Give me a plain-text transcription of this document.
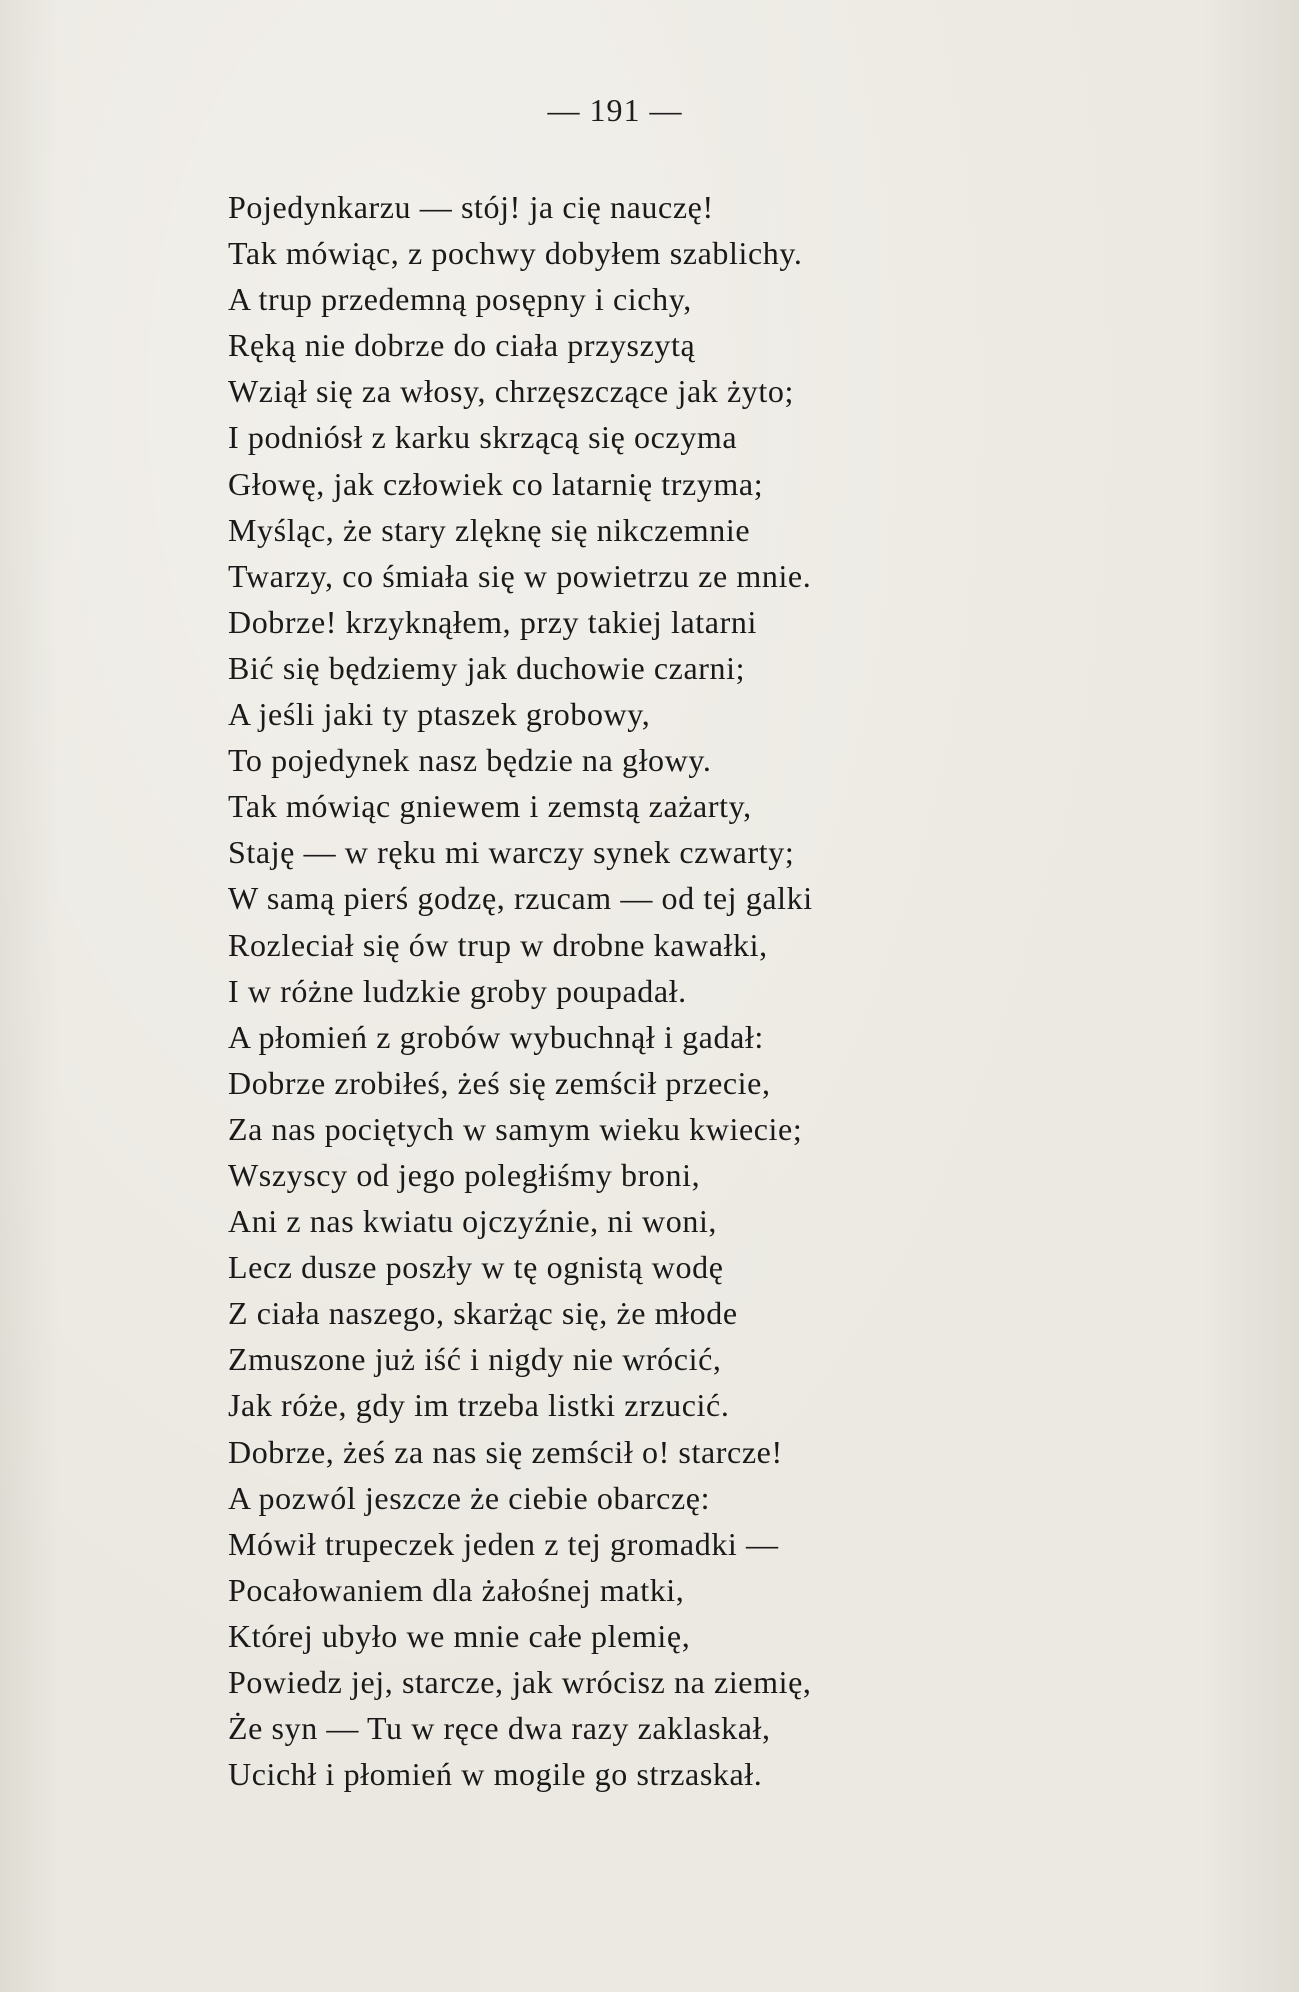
— 191 —
Pojedynkarzu — stój! ja cię nauczę!
Tak mówiąc, z pochwy dobyłem szablichy.
A trup przedemną posępny i cichy,
Ręką nie dobrze do ciała przyszytą
Wziął się za włosy, chrzęszczące jak żyto;
I podniósł z karku skrzącą się oczyma
Głowę, jak człowiek co latarnię trzyma;
Myśląc, że stary zlęknę się nikczemnie
Twarzy, co śmiała się w powietrzu ze mnie.
Dobrze! krzyknąłem, przy takiej latarni
Bić się będziemy jak duchowie czarni;
A jeśli jaki ty ptaszek grobowy,
To pojedynek nasz będzie na głowy.
Tak mówiąc gniewem i zemstą zażarty,
Staję — w ręku mi warczy synek czwarty;
W samą pierś godzę, rzucam — od tej galki
Rozleciał się ów trup w drobne kawałki,
I w różne ludzkie groby poupadał.
A płomień z grobów wybuchnął i gadał:
Dobrze zrobiłeś, żeś się zemścił przecie,
Za nas pociętych w samym wieku kwiecie;
Wszyscy od jego poległiśmy broni,
Ani z nas kwiatu ojczyźnie, ni woni,
Lecz dusze poszły w tę ognistą wodę
Z ciała naszego, skarżąc się, że młode
Zmuszone już iść i nigdy nie wrócić,
Jak róże, gdy im trzeba listki zrzucić.
Dobrze, żeś za nas się zemścił o! starcze!
A pozwól jeszcze że ciebie obarczę:
Mówił trupeczek jeden z tej gromadki —
Pocałowaniem dla żałośnej matki,
Której ubyło we mnie całe plemię,
Powiedz jej, starcze, jak wrócisz na ziemię,
Że syn — Tu w ręce dwa razy zaklaskał,
Ucichł i płomień w mogile go strzaskał.
